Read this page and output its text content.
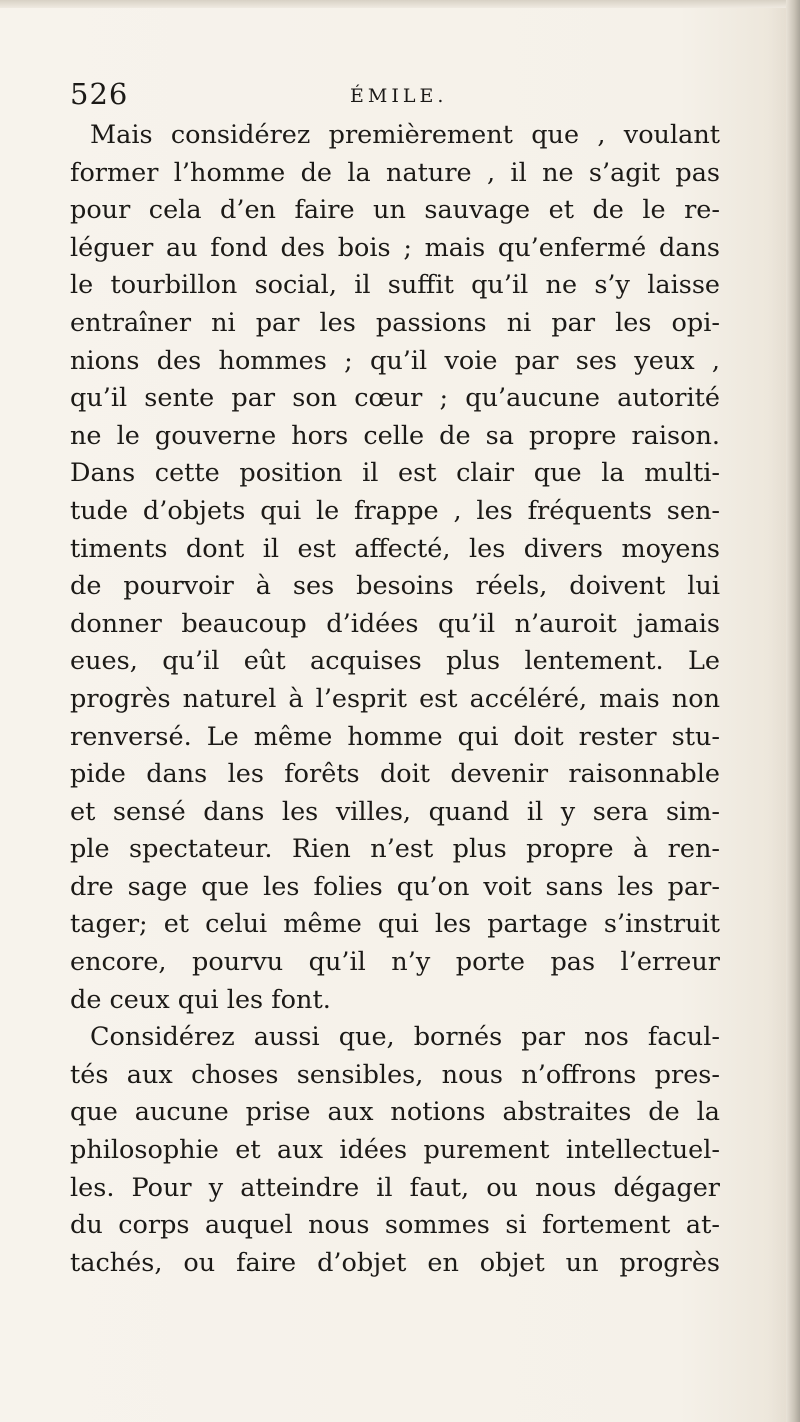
526	ÉMILE.
Mais considérez premièrement que , voulant
former l’homme de la nature , il ne s’agit pas
pour cela d’en faire un sauvage et de le re-
léguer au fond des bois ; mais qu’enfermé dans
le tourbillon social, il suffit qu’il ne s’y laisse
entraîner ni par les passions ni par les opi-
nions des hommes ; qu’il voie par ses yeux ,
qu’il sente par son cœur ; qu’aucune autorité
ne le gouverne hors celle de sa propre raison.
Dans cette position il est clair que la multi-
tude d’objets qui le frappe , les fréquents sen-
timents dont il est affecté, les divers moyens
de pourvoir à ses besoins réels, doivent lui
donner beaucoup d’idées qu’il n’auroit jamais
eues, qu’il eût acquises plus lentement. Le
progrès naturel à l’esprit est accéléré, mais non
renversé. Le même homme qui doit rester stu-
pide dans les forêts doit devenir raisonnable
et sensé dans les villes, quand il y sera sim-
ple spectateur. Rien n’est plus propre à ren-
dre sage que les folies qu’on voit sans les par-
tager; et celui même qui les partage s’instruit
encore, pourvu qu’il n’y porte pas l’erreur
de ceux qui les font.
Considérez aussi que, bornés par nos facul-
tés aux choses sensibles, nous n’offrons pres-
que aucune prise aux notions abstraites de la
philosophie et aux idées purement intellectuel-
les. Pour y atteindre il faut, ou nous dégager
du corps auquel nous sommes si fortement at-
tachés, ou faire d’objet en objet un progrès
